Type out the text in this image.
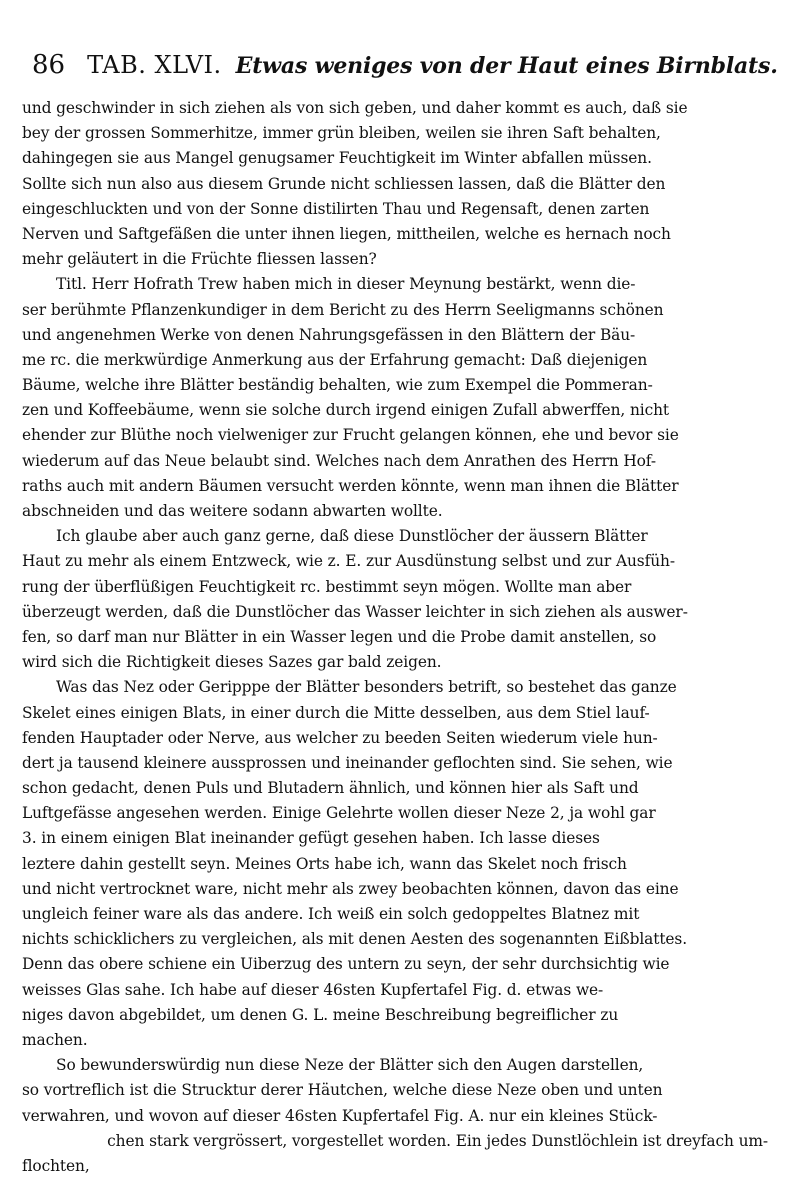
86 TAB. XLVI. Etwas weniges von der Haut eines Birnblats.
und geschwinder in sich ziehen als von sich geben, und daher kommt es auch, daß sie
bey der grossen Sommerhitze, immer grün bleiben, weilen sie ihren Saft behalten,
dahingegen sie aus Mangel genugsamer Feuchtigkeit im Winter abfallen müssen.
Sollte sich nun also aus diesem Grunde nicht schliessen lassen, daß die Blätter den
eingeschluckten und von der Sonne distilirten Thau und Regensaft, denen zarten
Nerven und Saftgefäßen die unter ihnen liegen, mittheilen, welche es hernach noch
mehr geläutert in die Früchte fliessen lassen?
Titl. Herr Hofrath Trew haben mich in dieser Meynung bestärkt, wenn die-
ser berühmte Pflanzenkundiger in dem Bericht zu des Herrn Seeligmanns schönen
und angenehmen Werke von denen Nahrungsgefässen in den Blättern der Bäu-
me rc. die merkwürdige Anmerkung aus der Erfahrung gemacht: Daß diejenigen
Bäume, welche ihre Blätter beständig behalten, wie zum Exempel die Pommeran-
zen und Koffeebäume, wenn sie solche durch irgend einigen Zufall abwerffen, nicht
ehender zur Blüthe noch vielweniger zur Frucht gelangen können, ehe und bevor sie
wiederum auf das Neue belaubt sind. Welches nach dem Anrathen des Herrn Hof-
raths auch mit andern Bäumen versucht werden könnte, wenn man ihnen die Blätter
abschneiden und das weitere sodann abwarten wollte.
Ich glaube aber auch ganz gerne, daß diese Dunstlöcher der äussern Blätter
Haut zu mehr als einem Entzweck, wie z. E. zur Ausdünstung selbst und zur Ausfüh-
rung der überflüßigen Feuchtigkeit rc. bestimmt seyn mögen. Wollte man aber
überzeugt werden, daß die Dunstlöcher das Wasser leichter in sich ziehen als auswer-
fen, so darf man nur Blätter in ein Wasser legen und die Probe damit anstellen, so
wird sich die Richtigkeit dieses Sazes gar bald zeigen.
Was das Nez oder Geripppe der Blätter besonders betrift, so bestehet das ganze
Skelet eines einigen Blats, in einer durch die Mitte desselben, aus dem Stiel lauf-
fenden Hauptader oder Nerve, aus welcher zu beeden Seiten wiederum viele hun-
dert ja tausend kleinere aussprossen und ineinander geflochten sind. Sie sehen, wie
schon gedacht, denen Puls und Blutadern ähnlich, und können hier als Saft und
Luftgefässe angesehen werden. Einige Gelehrte wollen dieser Neze 2, ja wohl gar
3. in einem einigen Blat ineinander gefügt gesehen haben. Ich lasse dieses
leztere dahin gestellt seyn. Meines Orts habe ich, wann das Skelet noch frisch
und nicht vertrocknet ware, nicht mehr als zwey beobachten können, davon das eine
ungleich feiner ware als das andere. Ich weiß ein solch gedoppeltes Blatnez mit
nichts schicklichers zu vergleichen, als mit denen Aesten des sogenannten Eißblattes.
Denn das obere schiene ein Uiberzug des untern zu seyn, der sehr durchsichtig wie
weisses Glas sahe. Ich habe auf dieser 46sten Kupfertafel Fig. d. etwas we-
niges davon abgebildet, um denen G. L. meine Beschreibung begreiflicher zu
machen.
So bewunderswürdig nun diese Neze der Blätter sich den Augen darstellen,
so vortreflich ist die Strucktur derer Häutchen, welche diese Neze oben und unten
verwahren, und wovon auf dieser 46sten Kupfertafel Fig. A. nur ein kleines Stück-
chen stark vergrössert, vorgestellet worden. Ein jedes Dunstlöchlein ist dreyfach um-
flochten,
